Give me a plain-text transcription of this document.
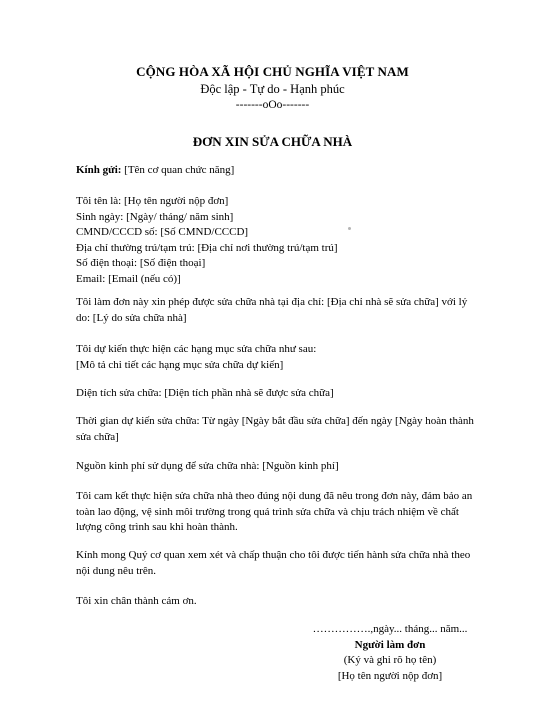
CỘNG HÒA XÃ HỘI CHỦ NGHĨA VIỆT NAM
Độc lập - Tự do - Hạnh phúc
-------oOo-------
ĐƠN XIN SỬA CHỮA NHÀ
Kính gửi: [Tên cơ quan chức năng]
Tôi tên là: [Họ tên người nộp đơn]
Sinh ngày: [Ngày/ tháng/ năm sinh]
CMND/CCCD số: [Số CMND/CCCD]
Địa chỉ thường trú/tạm trú: [Địa chỉ nơi thường trú/tạm trú]
Số điện thoại: [Số điện thoại]
Email: [Email (nếu có)]
Tôi làm đơn này xin phép được sửa chữa nhà tại địa chỉ: [Địa chỉ nhà sẽ sửa chữa] với lý
do: [Lý do sửa chữa nhà]
Tôi dự kiến thực hiện các hạng mục sửa chữa như sau:
[Mô tả chi tiết các hạng mục sửa chữa dự kiến]
Diện tích sửa chữa: [Diện tích phần nhà sẽ được sửa chữa]
Thời gian dự kiến sửa chữa: Từ ngày [Ngày bắt đầu sửa chữa] đến ngày [Ngày hoàn thành
sửa chữa]
Nguồn kinh phí sử dụng để sửa chữa nhà: [Nguồn kinh phí]
Tôi cam kết thực hiện sửa chữa nhà theo đúng nội dung đã nêu trong đơn này, đảm bảo an
toàn lao động, vệ sinh môi trường trong quá trình sửa chữa và chịu trách nhiệm về chất
lượng công trình sau khi hoàn thành.
Kính mong Quý cơ quan xem xét và chấp thuận cho tôi được tiến hành sửa chữa nhà theo
nội dung nêu trên.
Tôi xin chân thành cảm ơn.
…………….,ngày... tháng... năm...
Người làm đơn
(Ký và ghi rõ họ tên)
[Họ tên người nộp đơn]
